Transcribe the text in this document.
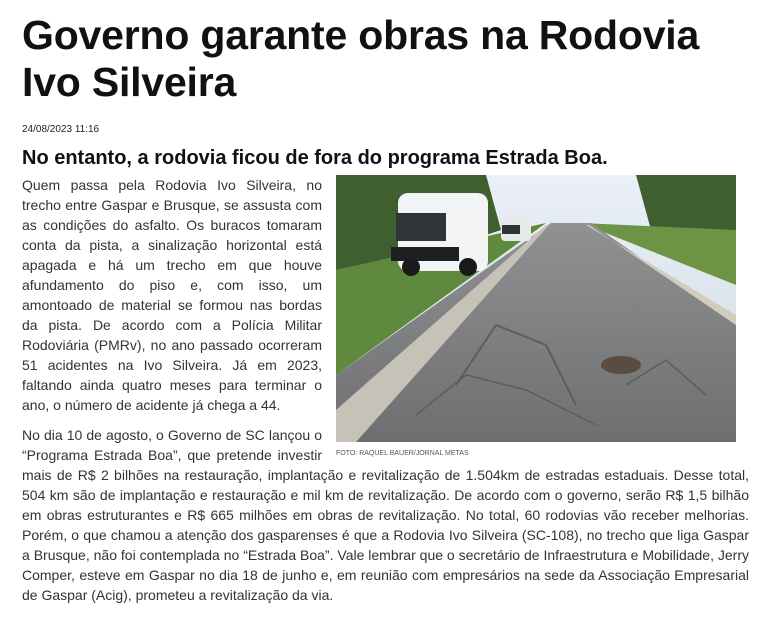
Governo garante obras na Rodovia Ivo Silveira
24/08/2023 11:16
No entanto, a rodovia ficou de fora do programa Estrada Boa.
FOTO: RAQUEL BAUER/JORNAL METAS

Quem passa pela Rodovia Ivo Silveira, no trecho entre Gaspar e Brusque, se assusta com as condições do asfalto. Os buracos tomaram conta da pista, a sinalização horizontal está apagada e há um trecho em que houve afundamento do piso e, com isso, um amontoado de material se formou nas bordas da pista. De acordo com a Polícia Militar Rodoviária (PMRv), no ano passado ocorreram 51 acidentes na Ivo Silveira. Já em 2023, faltando ainda quatro meses para terminar o ano, o número de acidente já chega a 44.

No dia 10 de agosto, o Governo de SC lançou o “Programa Estrada Boa”, que pretende investir mais de R$ 2 bilhões na restauração, implantação e revitalização de 1.504km de estradas estaduais. Desse total, 504 km são de implantação e restauração e mil km de revitalização. De acordo com o governo, serão R$ 1,5 bilhão em obras estruturantes e R$ 665 milhões em obras de revitalização. No total, 60 rodovias vão receber melhorias. Porém, o que chamou a atenção dos gasparenses é que a Rodovia Ivo Silveira (SC-108), no trecho que liga Gaspar a Brusque, não foi contemplada no “Estrada Boa”. Vale lembrar que o secretário de Infraestrutura e Mobilidade, Jerry Comper, esteve em Gaspar no dia 18 de junho e, em reunião com empresários na sede da Associação Empresarial de Gaspar (Acig), prometeu a revitalização da via.
